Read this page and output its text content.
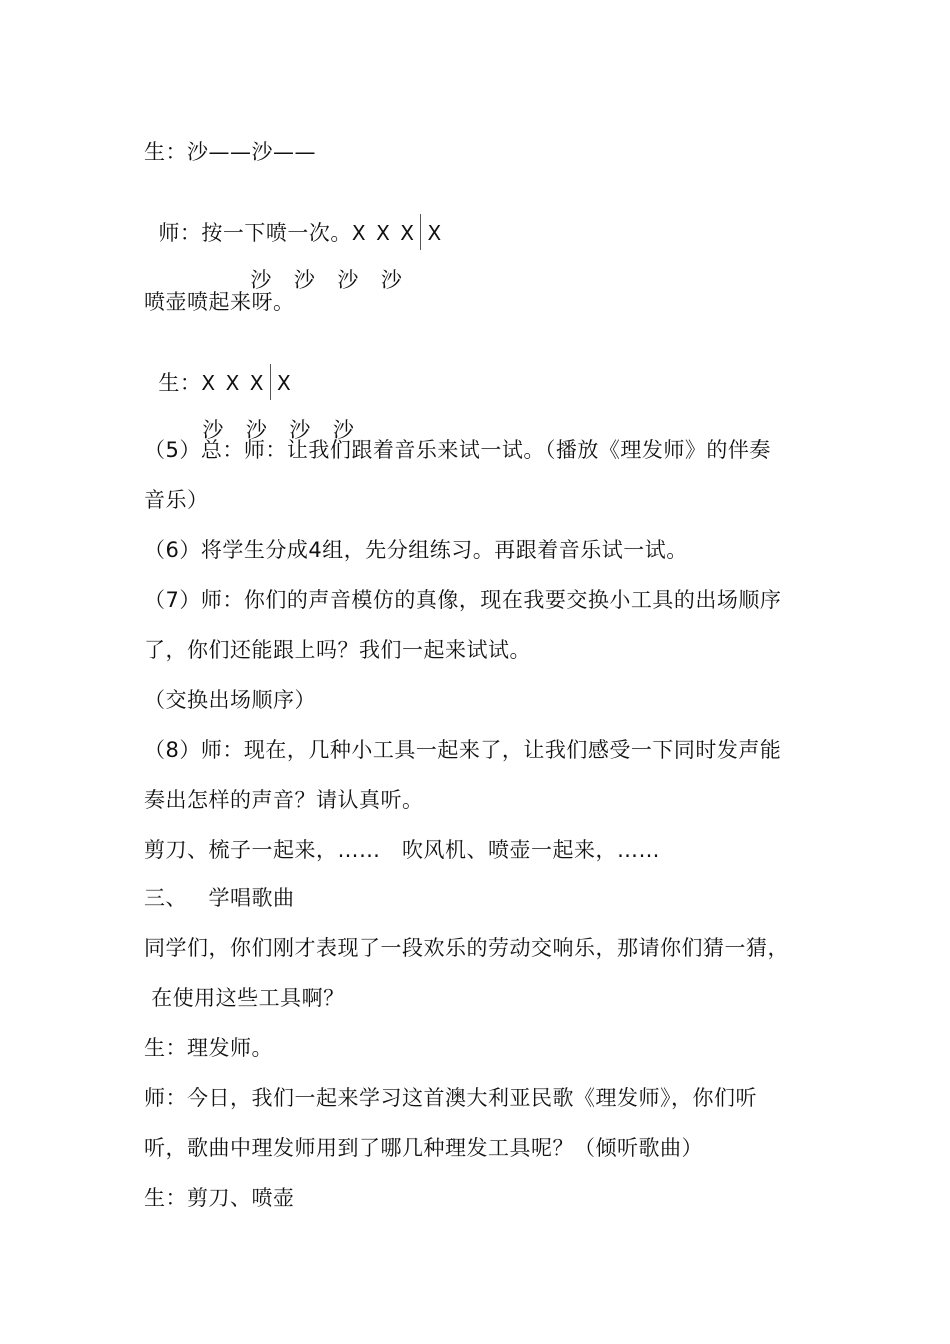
生：沙——沙——

师：按一下喷一次。X X X X

沙 沙 沙 沙

喷壶喷起来呀。

生：X X X X

沙 沙 沙 沙

（5）总：师：让我们跟着音乐来试一试。（播放《理发师》的伴奏
音乐）
（6）将学生分成4组，先分组练习。再跟着音乐试一试。
（7）师：你们的声音模仿的真像，现在我要交换小工具的出场顺序
了，你们还能跟上吗？我们一起来试试。
（交换出场顺序）
（8）师：现在，几种小工具一起来了，让我们感受一下同时发声能
奏出怎样的声音？请认真听。
剪刀、梳子一起来，……   吹风机、喷壶一起来，……
三、   学唱歌曲
同学们，你们刚才表现了一段欢乐的劳动交响乐，那请你们猜一猜，
在使用这些工具啊？
生：理发师。
师：今日，我们一起来学习这首澳大利亚民歌《理发师》，你们听
听，歌曲中理发师用到了哪几种理发工具呢？（倾听歌曲）
生：剪刀、喷壶
